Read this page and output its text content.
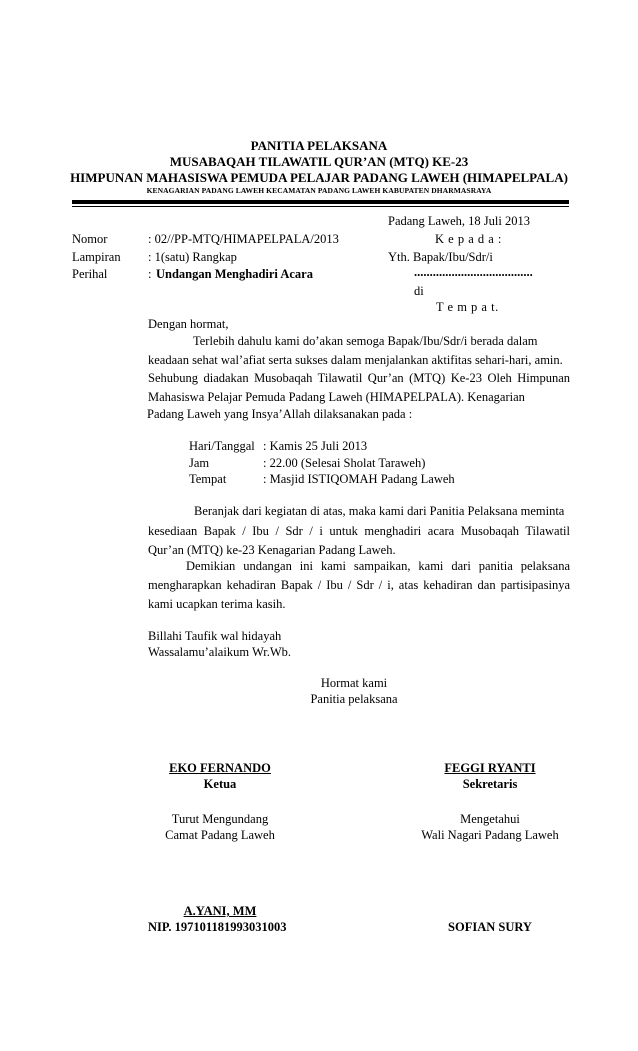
PANITIA PELAKSANA
MUSABAQAH TILAWATIL QUR’AN (MTQ) KE-23
HIMPUNAN MAHASISWA PEMUDA PELAJAR PADANG LAWEH (HIMAPELPALA)
KENAGARIAN PADANG LAWEH KECAMATAN PADANG LAWEH KABUPATEN DHARMASRAYA
Padang Laweh, 18 Juli 2013
Nomor	: 02//PP-MTQ/HIMAPELPALA/2013
Lampiran : 1(satu) Rangkap
Perihal	: Undangan Menghadiri Acara
K e p a d a :
Yth. Bapak/Ibu/Sdr/i
......................................
di
T e m p a t.
Dengan hormat,
Terlebih dahulu kami do’akan semoga Bapak/Ibu/Sdr/i berada dalam
keadaan sehat wal’afiat serta sukses dalam menjalankan aktifitas sehari-hari, amin.
Sehubung diadakan Musobaqah Tilawatil Qur’an (MTQ) Ke-23 Oleh Himpunan
Mahasiswa Pelajar Pemuda Padang Laweh (HIMAPELPALA). Kenagarian
Padang Laweh yang Insya’Allah dilaksanakan pada :
Hari/Tanggal : Kamis 25 Juli 2013
Jam	: 22.00 (Selesai Sholat Taraweh)
Tempat	: Masjid ISTIQOMAH Padang Laweh
Beranjak dari kegiatan di atas, maka kami dari Panitia Pelaksana meminta
kesediaan Bapak / Ibu / Sdr / i untuk menghadiri acara Musobaqah Tilawatil
Qur’an (MTQ) ke-23 Kenagarian Padang Laweh.
Demikian undangan ini kami sampaikan, kami dari panitia pelaksana
mengharapkan kehadiran Bapak / Ibu / Sdr / i, atas kehadiran dan partisipasinya
kami ucapkan terima kasih.
Billahi Taufik wal hidayah
Wassalamu’alaikum Wr.Wb.
Hormat kami
Panitia pelaksana
EKO FERNANDO
Ketua
FEGGI RYANTI
Sekretaris
Turut Mengundang
Camat Padang Laweh
Mengetahui
Wali Nagari Padang Laweh
A.YANI, MM
NIP. 197101181993031003	SOFIAN SURY
